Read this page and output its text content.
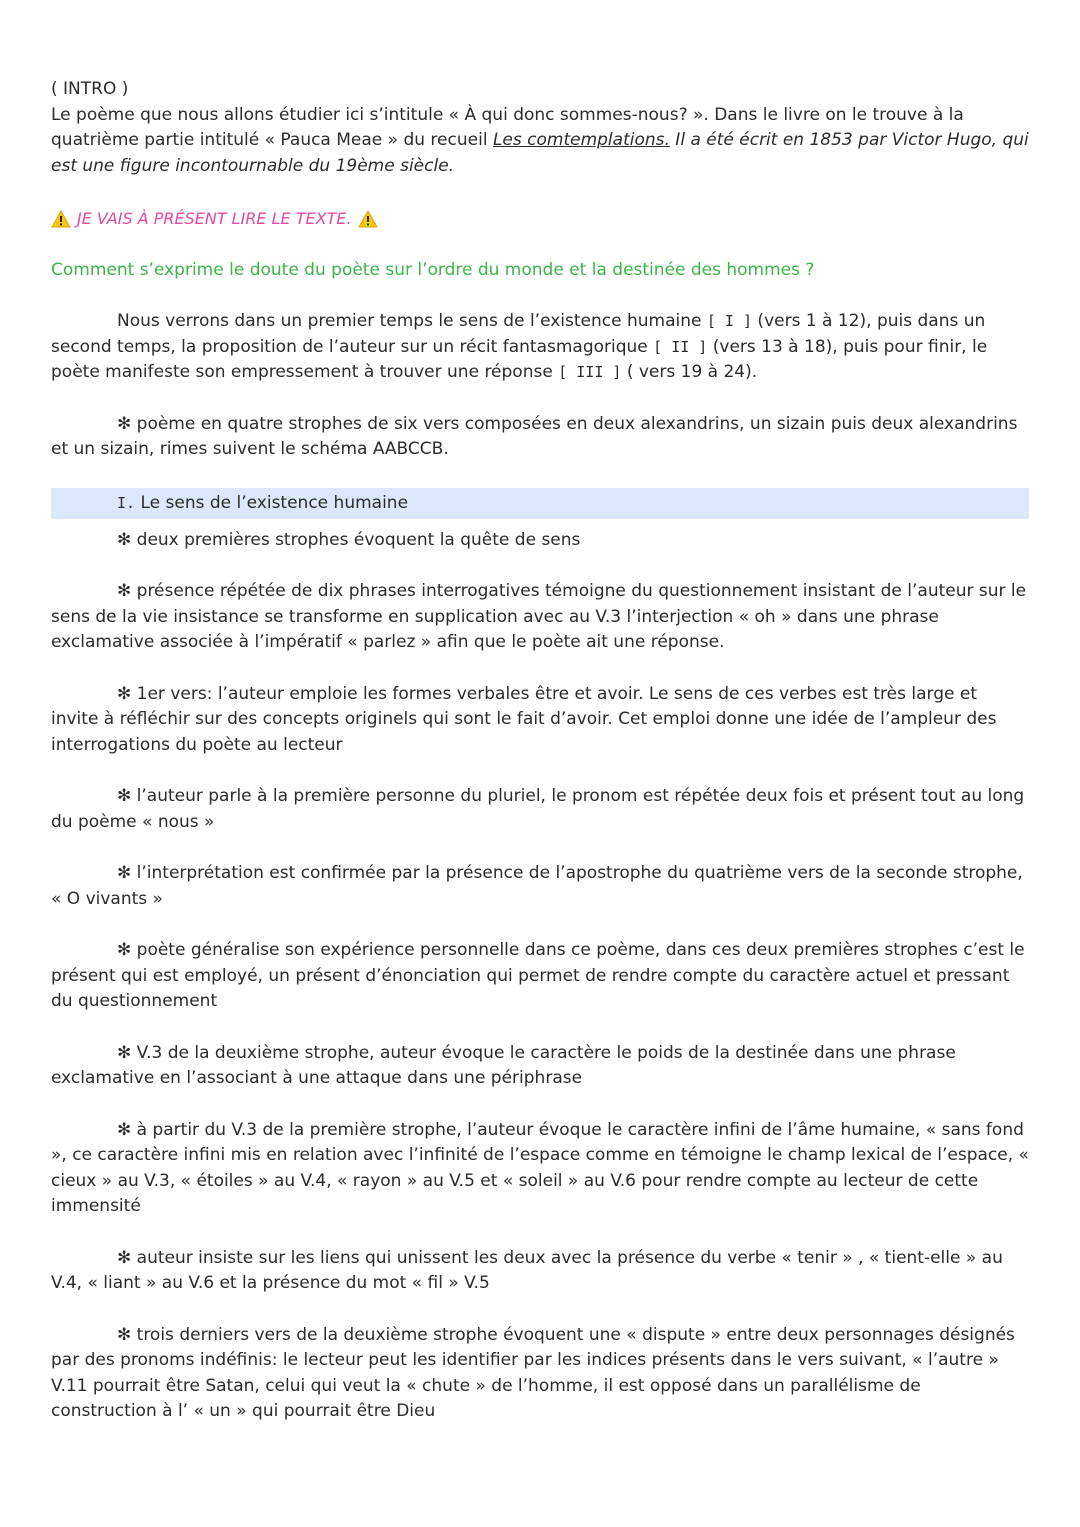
( INTRO )

Le poème que nous allons étudier ici s’intitule « À qui donc sommes-nous? ». Dans le livre on le trouve à la quatrième partie intitulé « Pauca Meae » du recueil Les comtemplations. Il a été écrit en 1853 par Victor Hugo, qui est une figure incontournable du 19ème siècle.

JE VAIS À PRÉSENT LIRE LE TEXTE.

Comment s’exprime le doute du poète sur l’ordre du monde et la destinée des hommes ?

Nous verrons dans un premier temps le sens de l’existence humaine [ I ] (vers 1 à 12), puis dans un second temps, la proposition de l’auteur sur un récit fantasmagorique [ II ] (vers 13 à 18), puis pour finir, le poète manifeste son empressement à trouver une réponse [ III ] ( vers 19 à 24).

✻ poème en quatre strophes de six vers composées en deux alexandrins, un sizain puis deux alexandrins et un sizain, rimes suivent le schéma AABCCB.

I. Le sens de l’existence humaine

✻ deux premières strophes évoquent la quête de sens

✻ présence répétée de dix phrases interrogatives témoigne du questionnement insistant de l’auteur sur le sens de la vie insistance se transforme en supplication avec au V.3 l’interjection « oh » dans une phrase exclamative associée à l’impératif « parlez » afin que le poète ait une réponse.

✻ 1er vers: l’auteur emploie les formes verbales être et avoir. Le sens de ces verbes est très large et invite à réfléchir sur des concepts originels qui sont le fait d’avoir. Cet emploi donne une idée de l’ampleur des interrogations du poète au lecteur

✻ l’auteur parle à la première personne du pluriel, le pronom est répétée deux fois et présent tout au long du poème « nous »

✻ l’interprétation est confirmée par la présence de l’apostrophe du quatrième vers de la seconde strophe, « O vivants »

✻ poète généralise son expérience personnelle dans ce poème, dans ces deux premières strophes c’est le présent qui est employé, un présent d’énonciation qui permet de rendre compte du caractère actuel et pressant du questionnement

✻ V.3 de la deuxième strophe, auteur évoque le caractère le poids de la destinée dans une phrase exclamative en l’associant à une attaque dans une périphrase

✻ à partir du V.3 de la première strophe, l’auteur évoque le caractère infini de l’âme humaine, « sans fond », ce caractère infini mis en relation avec l’infinité de l’espace comme en témoigne le champ lexical de l’espace, « cieux » au V.3, « étoiles » au V.4, « rayon » au V.5 et « soleil » au V.6 pour rendre compte au lecteur de cette immensité

✻ auteur insiste sur les liens qui unissent les deux avec la présence du verbe « tenir » , « tient-elle » au V.4, « liant » au V.6 et la présence du mot « fil » V.5

✻ trois derniers vers de la deuxième strophe évoquent une « dispute » entre deux personnages désignés par des pronoms indéfinis: le lecteur peut les identifier par les indices présents dans le vers suivant, « l’autre » V.11 pourrait être Satan, celui qui veut la « chute » de l’homme, il est opposé dans un parallélisme de construction à l’ « un » qui pourrait être Dieu
